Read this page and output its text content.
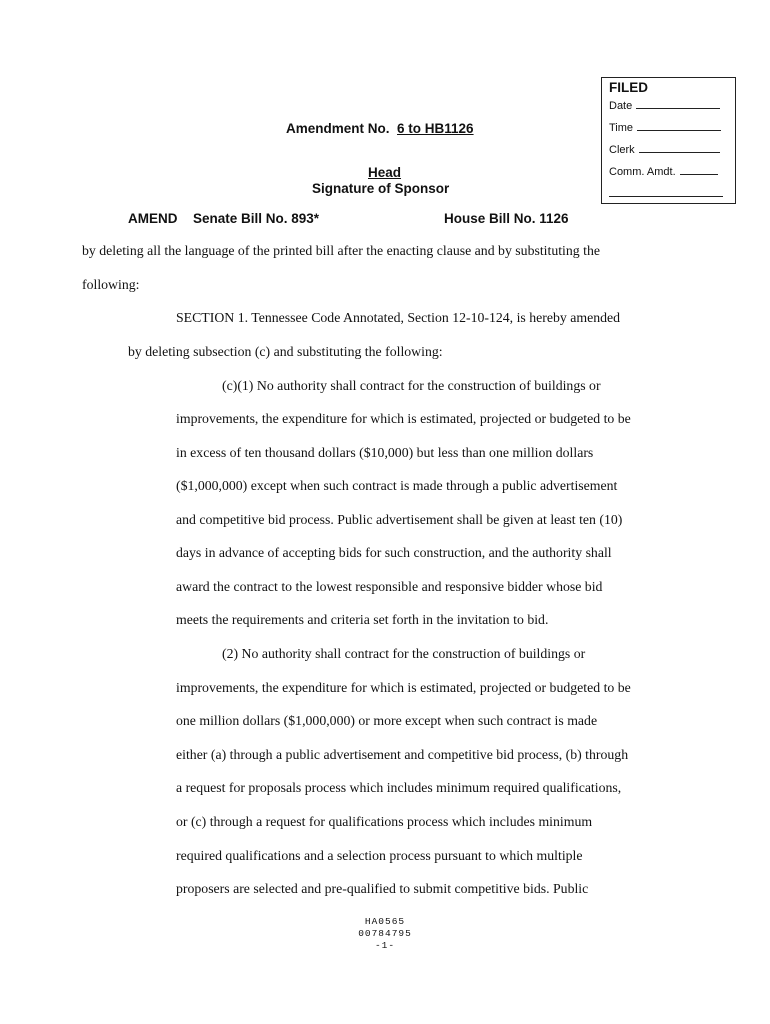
FILED
Date
Time
Clerk
Comm. Amdt.
Amendment No. 6 to HB1126
Head
Signature of Sponsor
AMEND Senate Bill No. 893*	House Bill No. 1126
by deleting all the language of the printed bill after the enacting clause and by substituting the
following:
SECTION 1. Tennessee Code Annotated, Section 12-10-124, is hereby amended
by deleting subsection (c) and substituting the following:
(c)(1) No authority shall contract for the construction of buildings or
improvements, the expenditure for which is estimated, projected or budgeted to be
in excess of ten thousand dollars ($10,000) but less than one million dollars
($1,000,000) except when such contract is made through a public advertisement
and competitive bid process. Public advertisement shall be given at least ten (10)
days in advance of accepting bids for such construction, and the authority shall
award the contract to the lowest responsible and responsive bidder whose bid
meets the requirements and criteria set forth in the invitation to bid.
(2) No authority shall contract for the construction of buildings or
improvements, the expenditure for which is estimated, projected or budgeted to be
one million dollars ($1,000,000) or more except when such contract is made
either (a) through a public advertisement and competitive bid process, (b) through
a request for proposals process which includes minimum required qualifications,
or (c) through a request for qualifications process which includes minimum
required qualifications and a selection process pursuant to which multiple
proposers are selected and pre-qualified to submit competitive bids. Public
HA0565
00784795
-1-
